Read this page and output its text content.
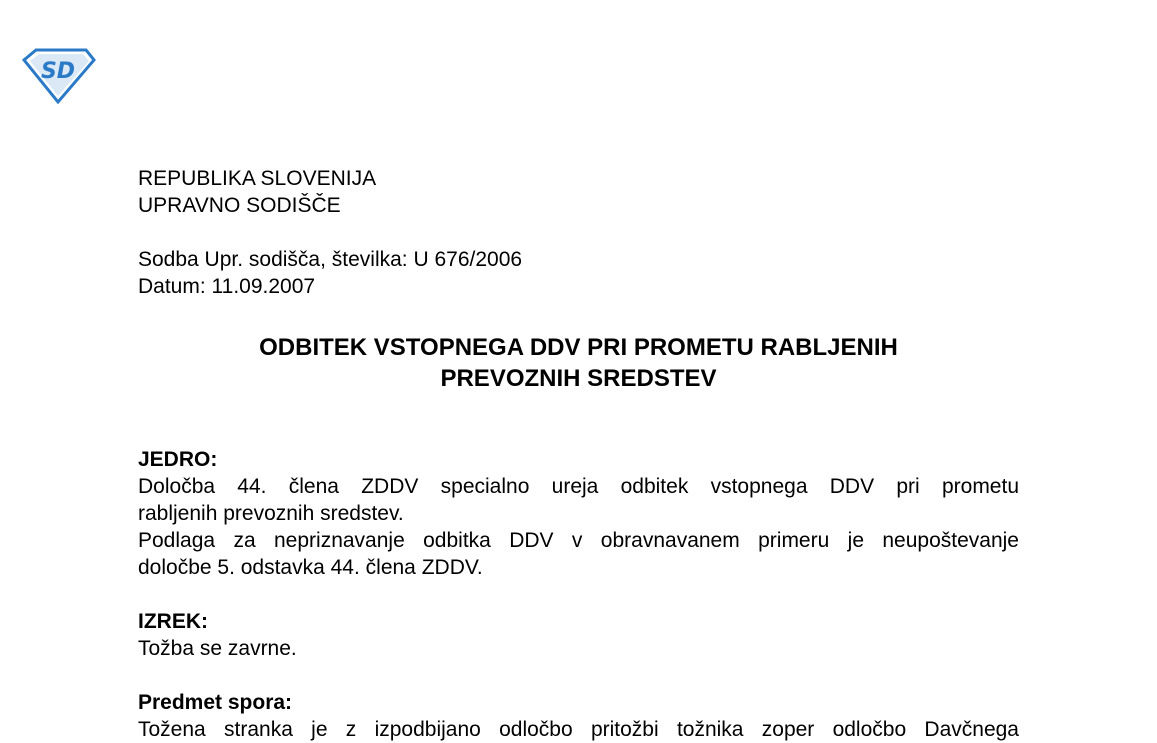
SD
REPUBLIKA SLOVENIJA
UPRAVNO SODIŠČE
Sodba Upr. sodišča, številka: U 676/2006
Datum: 11.09.2007
ODBITEK VSTOPNEGA DDV PRI PROMETU RABLJENIH
PREVOZNIH SREDSTEV
JEDRO:
Določba 44. člena ZDDV specialno ureja odbitek vstopnega DDV pri prometu
rabljenih prevoznih sredstev.
Podlaga za nepriznavanje odbitka DDV v obravnavanem primeru je neupoštevanje
določbe 5. odstavka 44. člena ZDDV.
IZREK:
Tožba se zavrne.
Predmet spora:
Tožena stranka je z izpodbijano odločbo pritožbi tožnika zoper odločbo Davčnega
